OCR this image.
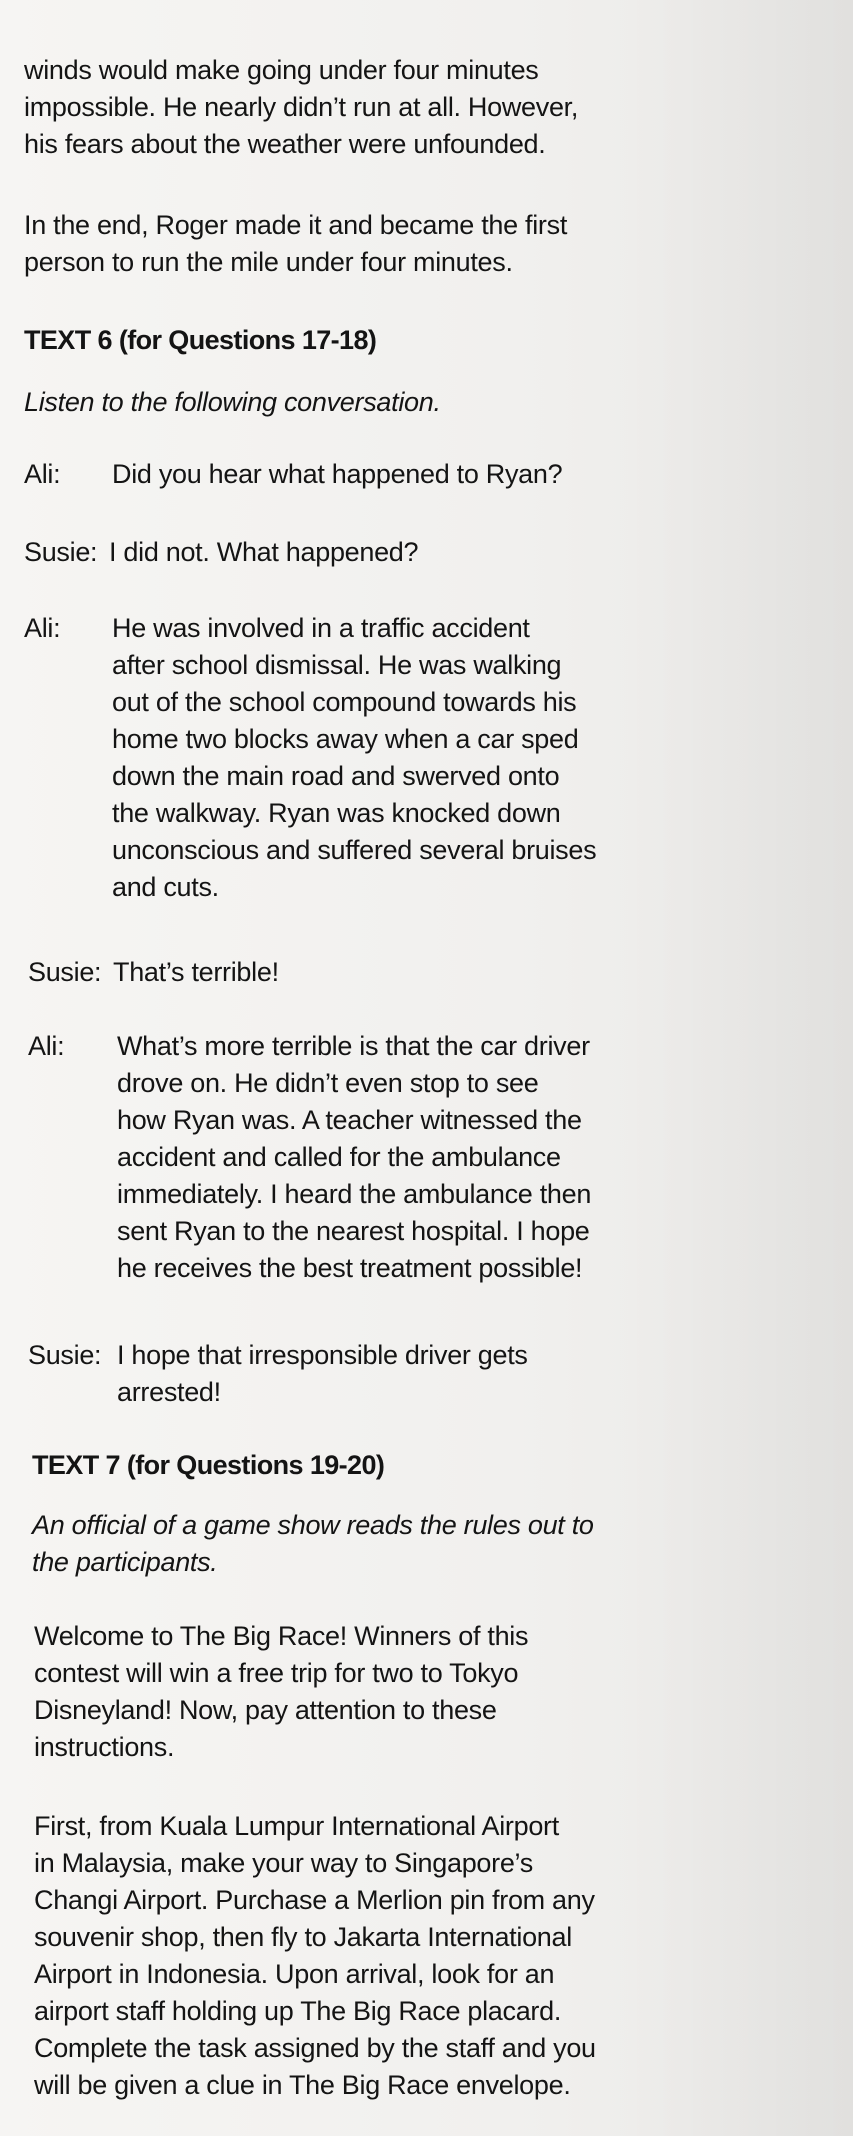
winds would make going under four minutes
impossible. He nearly didn’t run at all. However,
his fears about the weather were unfounded.
In the end, Roger made it and became the first
person to run the mile under four minutes.
TEXT 6 (for Questions 17-18)
Listen to the following conversation.
Ali: Did you hear what happened to Ryan?
Susie: I did not. What happened?
Ali: He was involved in a traffic accident
after school dismissal. He was walking
out of the school compound towards his
home two blocks away when a car sped
down the main road and swerved onto
the walkway. Ryan was knocked down
unconscious and suffered several bruises
and cuts.
Susie: That’s terrible!
Ali: What’s more terrible is that the car driver
drove on. He didn’t even stop to see
how Ryan was. A teacher witnessed the
accident and called for the ambulance
immediately. I heard the ambulance then
sent Ryan to the nearest hospital. I hope
he receives the best treatment possible!
Susie: I hope that irresponsible driver gets
arrested!
TEXT 7 (for Questions 19-20)
An official of a game show reads the rules out to
the participants.
Welcome to The Big Race! Winners of this
contest will win a free trip for two to Tokyo
Disneyland! Now, pay attention to these
instructions.
First, from Kuala Lumpur International Airport
in Malaysia, make your way to Singapore’s
Changi Airport. Purchase a Merlion pin from any
souvenir shop, then fly to Jakarta International
Airport in Indonesia. Upon arrival, look for an
airport staff holding up The Big Race placard.
Complete the task assigned by the staff and you
will be given a clue in The Big Race envelope.
